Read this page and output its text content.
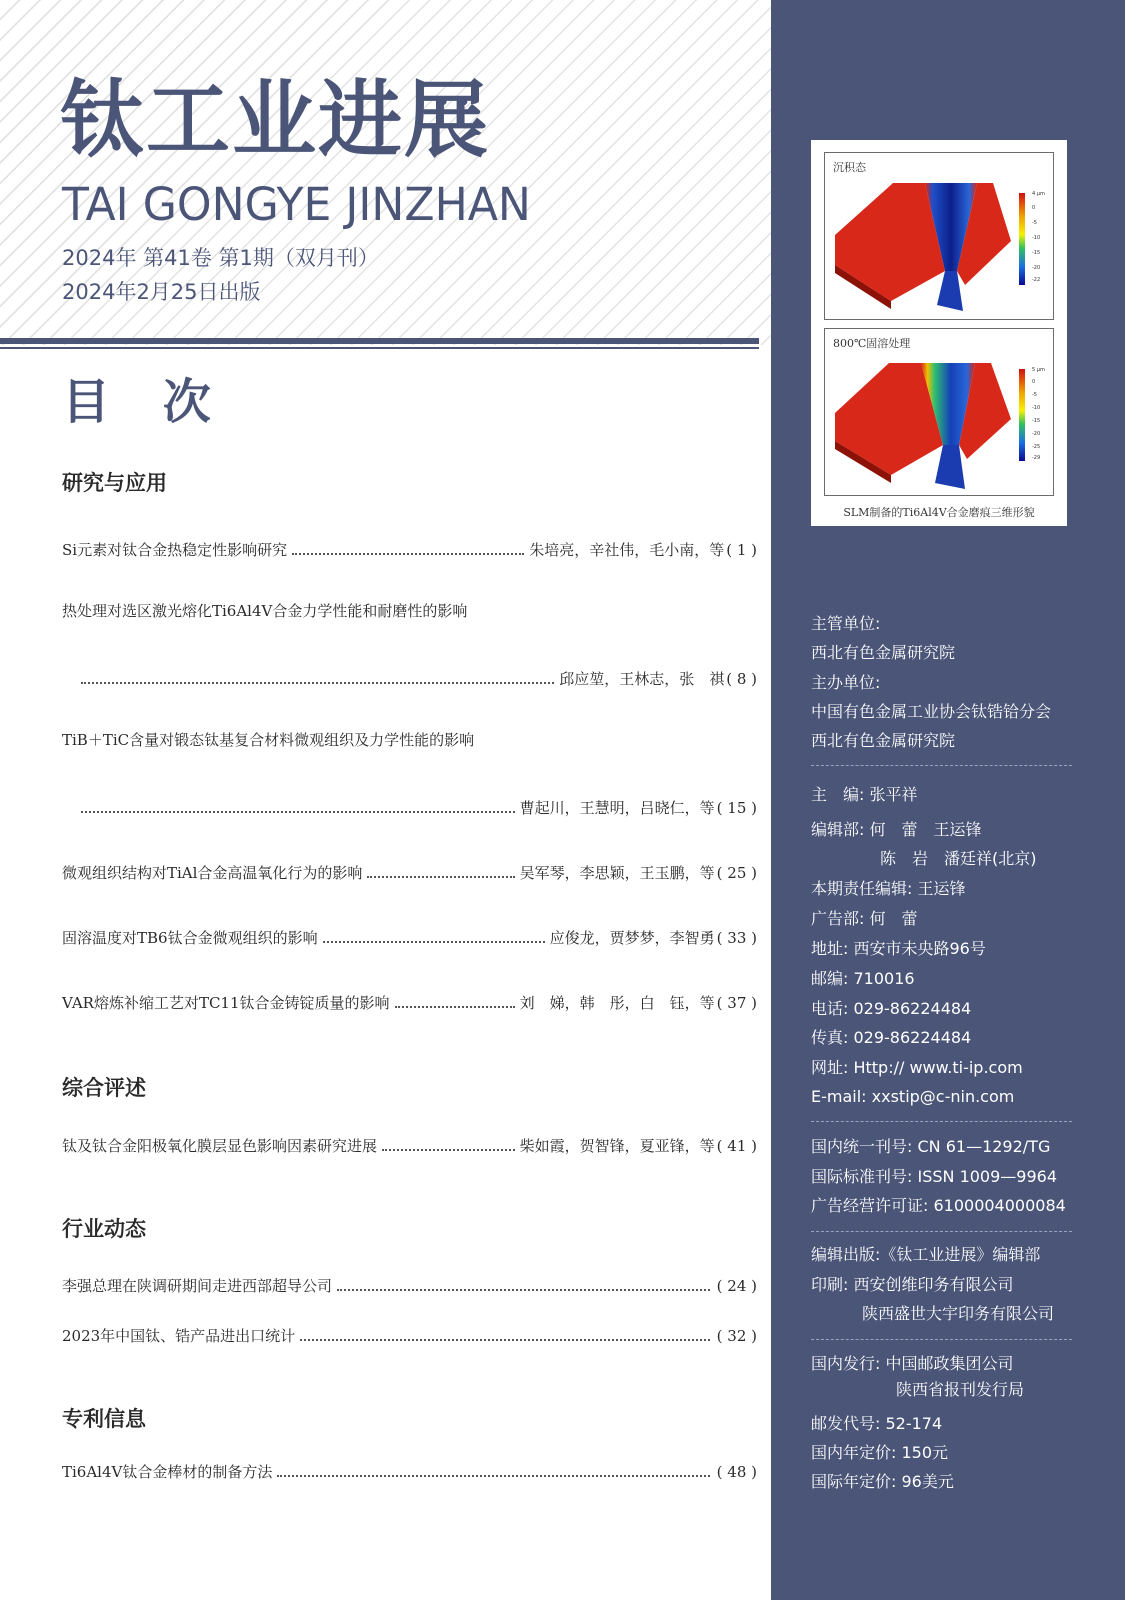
钛工业进展
TAI GONGYE JINZHAN
2024年 第41卷 第1期（双月刊）
2024年2月25日出版
目 次
研究与应用
Si元素对钛合金热稳定性影响研究	朱培亮，辛社伟，毛小南，等 ( 1 )
热处理对选区激光熔化Ti6Al4V合金力学性能和耐磨性的影响
邱应堃，王林志，张　祺 ( 8 )
TiB＋TiC含量对锻态钛基复合材料微观组织及力学性能的影响
曹起川，王慧明，吕晓仁，等 ( 15 )
微观组织结构对TiAl合金高温氧化行为的影响	吴军琴，李思颖，王玉鹏，等 ( 25 )
固溶温度对TB6钛合金微观组织的影响	应俊龙，贾梦梦，李智勇 ( 33 )
VAR熔炼补缩工艺对TC11钛合金铸锭质量的影响	刘　娣，韩　彤，白　钰，等 ( 37 )
综合评述
钛及钛合金阳极氧化膜层显色影响因素研究进展	柴如霞，贺智锋，夏亚锋，等 ( 41 )
行业动态
李强总理在陕调研期间走进西部超导公司	( 24 )
2023年中国钛、锆产品进出口统计	( 32 )
专利信息
Ti6Al4V钛合金棒材的制备方法	( 48 )
沉积态
4 μm
0
-5
-10
-15
-20
-22
800℃固溶处理
5 μm
0
-5
-10
-15
-20
-25
-29
SLM制备的Ti6Al4V合金磨痕三维形貌
主管单位:
西北有色金属研究院
主办单位:
中国有色金属工业协会钛锆铪分会
西北有色金属研究院
主　编: 张平祥
编辑部: 何　蕾　王运锋
陈　岩　潘廷祥(北京)
本期责任编辑: 王运锋
广告部: 何　蕾
地址: 西安市未央路96号
邮编: 710016
电话: 029-86224484
传真: 029-86224484
网址: Http:// www.ti-ip.com
E-mail: xxstip@c-nin.com
国内统一刊号: CN 61—1292/TG
国际标准刊号: ISSN 1009—9964
广告经营许可证: 6100004000084
编辑出版:《钛工业进展》编辑部
印刷: 西安创维印务有限公司
陕西盛世大宇印务有限公司
国内发行: 中国邮政集团公司
陕西省报刊发行局
邮发代号: 52-174
国内年定价: 150元
国际年定价: 96美元
